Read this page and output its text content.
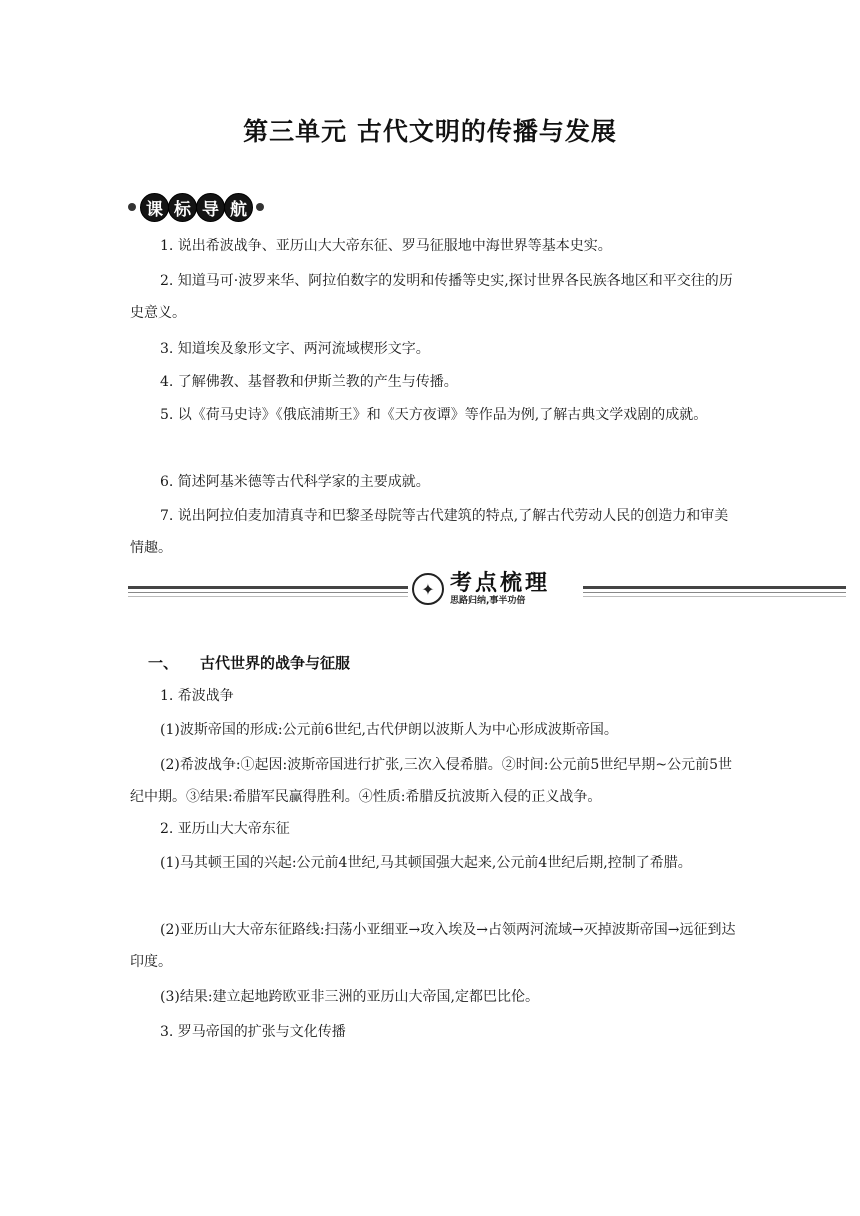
第三单元 古代文明的传播与发展
课 标 导 航

1. 说出希波战争、亚历山大大帝东征、罗马征服地中海世界等基本史实。

2. 知道马可·波罗来华、阿拉伯数字的发明和传播等史实,探讨世界各民族各地区和平交往的历史意义。

3. 知道埃及象形文字、两河流域楔形文字。

4. 了解佛教、基督教和伊斯兰教的产生与传播。

5. 以《荷马史诗》《俄底浦斯王》和《天方夜谭》等作品为例,了解古典文学戏剧的成就。

6. 简述阿基米德等古代科学家的主要成就。

7. 说出阿拉伯麦加清真寺和巴黎圣母院等古代建筑的特点,了解古代劳动人民的创造力和审美情趣。

✦ 考点梳理
思路归纳,事半功倍
一、 古代世界的战争与征服

1. 希波战争

(1)波斯帝国的形成:公元前6世纪,古代伊朗以波斯人为中心形成波斯帝国。

(2)希波战争:①起因:波斯帝国进行扩张,三次入侵希腊。②时间:公元前5世纪早期~公元前5世纪中期。③结果:希腊军民赢得胜利。④性质:希腊反抗波斯入侵的正义战争。

2. 亚历山大大帝东征

(1)马其顿王国的兴起:公元前4世纪,马其顿国强大起来,公元前4世纪后期,控制了希腊。

(2)亚历山大大帝东征路线:扫荡小亚细亚→攻入埃及→占领两河流域→灭掉波斯帝国→远征到达印度。

(3)结果:建立起地跨欧亚非三洲的亚历山大帝国,定都巴比伦。

3. 罗马帝国的扩张与文化传播
